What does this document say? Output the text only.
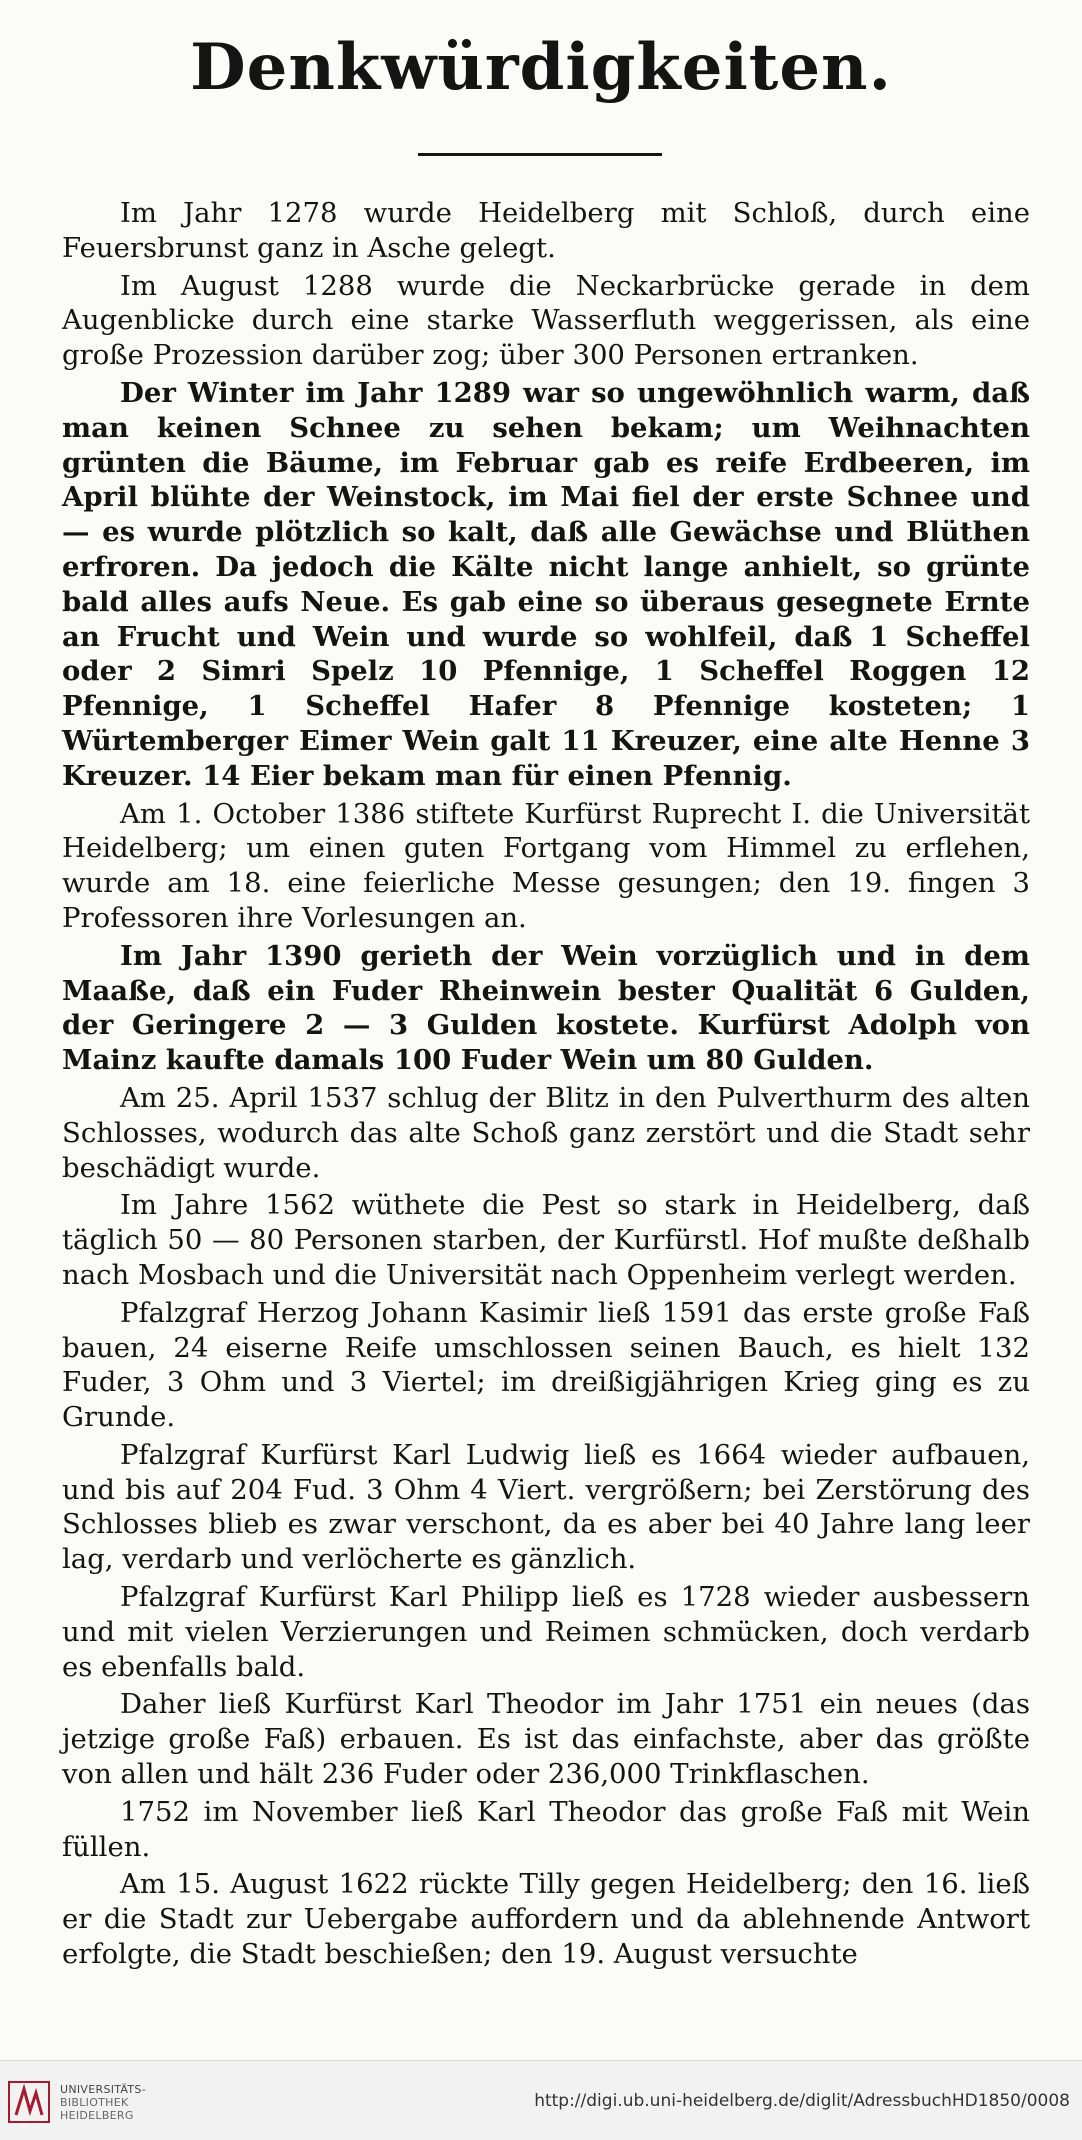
Denkwürdigkeiten.

Im Jahr 1278 wurde Heidelberg mit Schloß, durch eine Feuersbrunst ganz in Asche gelegt.

Im August 1288 wurde die Neckarbrücke gerade in dem Augenblicke durch eine starke Wasserfluth weggerissen, als eine große Prozession darüber zog; über 300 Personen ertranken.

Der Winter im Jahr 1289 war so ungewöhnlich warm, daß man keinen Schnee zu sehen bekam; um Weihnachten grünten die Bäume, im Februar gab es reife Erdbeeren, im April blühte der Weinstock, im Mai fiel der erste Schnee und — es wurde plötzlich so kalt, daß alle Gewächse und Blüthen erfroren. Da jedoch die Kälte nicht lange anhielt, so grünte bald alles aufs Neue. Es gab eine so überaus gesegnete Ernte an Frucht und Wein und wurde so wohlfeil, daß 1 Scheffel oder 2 Simri Spelz 10 Pfennige, 1 Scheffel Roggen 12 Pfennige, 1 Scheffel Hafer 8 Pfennige kosteten; 1 Würtemberger Eimer Wein galt 11 Kreuzer, eine alte Henne 3 Kreuzer. 14 Eier bekam man für einen Pfennig.

Am 1. October 1386 stiftete Kurfürst Ruprecht I. die Universität Heidelberg; um einen guten Fortgang vom Himmel zu erflehen, wurde am 18. eine feierliche Messe gesungen; den 19. fingen 3 Professoren ihre Vorlesungen an.

Im Jahr 1390 gerieth der Wein vorzüglich und in dem Maaße, daß ein Fuder Rheinwein bester Qualität 6 Gulden, der Geringere 2 — 3 Gulden kostete. Kurfürst Adolph von Mainz kaufte damals 100 Fuder Wein um 80 Gulden.

Am 25. April 1537 schlug der Blitz in den Pulverthurm des alten Schlosses, wodurch das alte Schoß ganz zerstört und die Stadt sehr beschädigt wurde.

Im Jahre 1562 wüthete die Pest so stark in Heidelberg, daß täglich 50 — 80 Personen starben, der Kurfürstl. Hof mußte deßhalb nach Mosbach und die Universität nach Oppenheim verlegt werden.

Pfalzgraf Herzog Johann Kasimir ließ 1591 das erste große Faß bauen, 24 eiserne Reife umschlossen seinen Bauch, es hielt 132 Fuder, 3 Ohm und 3 Viertel; im dreißigjährigen Krieg ging es zu Grunde.

Pfalzgraf Kurfürst Karl Ludwig ließ es 1664 wieder aufbauen, und bis auf 204 Fud. 3 Ohm 4 Viert. vergrößern; bei Zerstörung des Schlosses blieb es zwar verschont, da es aber bei 40 Jahre lang leer lag, verdarb und verlöcherte es gänzlich.

Pfalzgraf Kurfürst Karl Philipp ließ es 1728 wieder ausbessern und mit vielen Verzierungen und Reimen schmücken, doch verdarb es ebenfalls bald.

Daher ließ Kurfürst Karl Theodor im Jahr 1751 ein neues (das jetzige große Faß) erbauen. Es ist das einfachste, aber das größte von allen und hält 236 Fuder oder 236,000 Trinkflaschen.

1752 im November ließ Karl Theodor das große Faß mit Wein füllen.

Am 15. August 1622 rückte Tilly gegen Heidelberg; den 16. ließ er die Stadt zur Uebergabe auffordern und da ablehnende Antwort erfolgte, die Stadt beschießen; den 19. August versuchte

UNIVERSITÄTS-
BIBLIOTHEK
HEIDELBERG
http://digi.ub.uni-heidelberg.de/diglit/AdressbuchHD1850/0008
